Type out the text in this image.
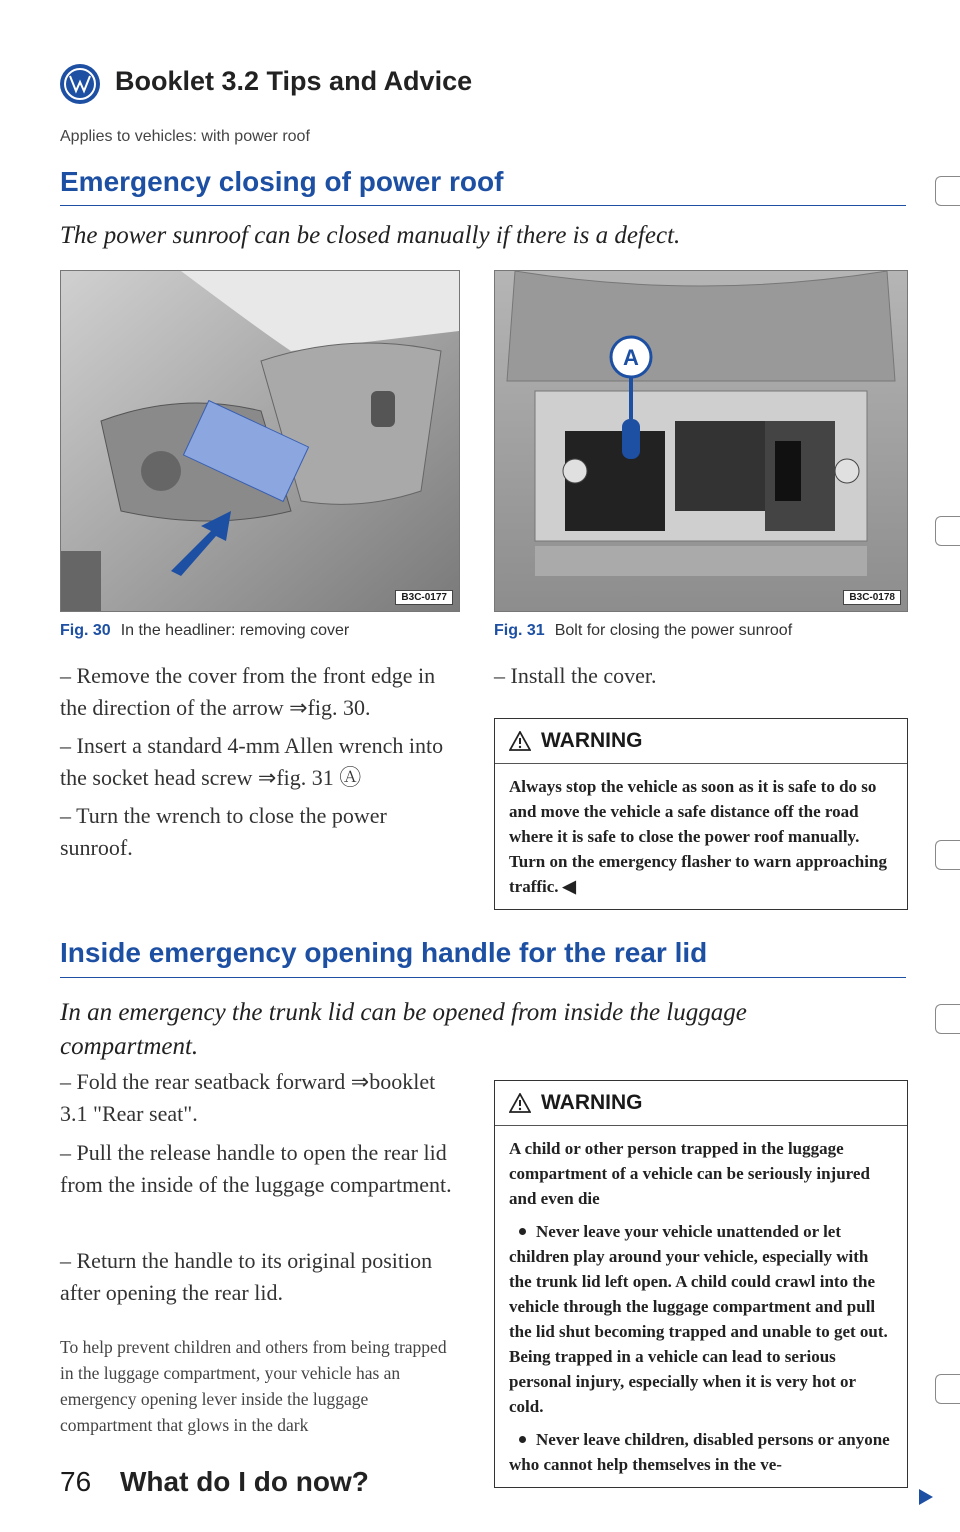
Booklet 3.2 Tips and Advice
Applies to vehicles: with power roof
Emergency closing of power roof
The power sunroof can be closed manually if there is a defect.
B3C-0177
Fig. 30 In the headliner: removing cover
A
B3C-0178
Fig. 31 Bolt for closing the power sunroof
– Remove the cover from the front edge in the direction of the arrow ⇒fig. 30.
– Insert a standard 4-mm Allen wrench into the socket head screw ⇒fig. 31 Ⓐ
– Turn the wrench to close the power sunroof.
– Install the cover.
WARNING
Always stop the vehicle as soon as it is safe to do so and move the vehicle a safe distance off the road where it is safe to close the power roof manually. Turn on the emergency flasher to warn approaching traffic. ◀
Inside emergency opening handle for the rear lid
In an emergency the trunk lid can be opened from inside the luggage compartment.
– Fold the rear seatback forward ⇒booklet 3.1 "Rear seat".
– Pull the release handle to open the rear lid from the inside of the luggage compartment.
– Return the handle to its original position after opening the rear lid.
To help prevent children and others from being trapped in the luggage compartment, your vehicle has an emergency opening lever inside the luggage compartment that glows in the dark
WARNING

A child or other person trapped in the luggage compartment of a vehicle can be seriously injured and even die

Never leave your vehicle unattended or let children play around your vehicle, especially with the trunk lid left open. A child could crawl into the vehicle through the luggage compartment and pull the lid shut becoming trapped and unable to get out. Being trapped in a vehicle can lead to serious personal injury, especially when it is very hot or cold.

Never leave children, disabled persons or anyone who cannot help themselves in the ve-

76 What do I do now?
